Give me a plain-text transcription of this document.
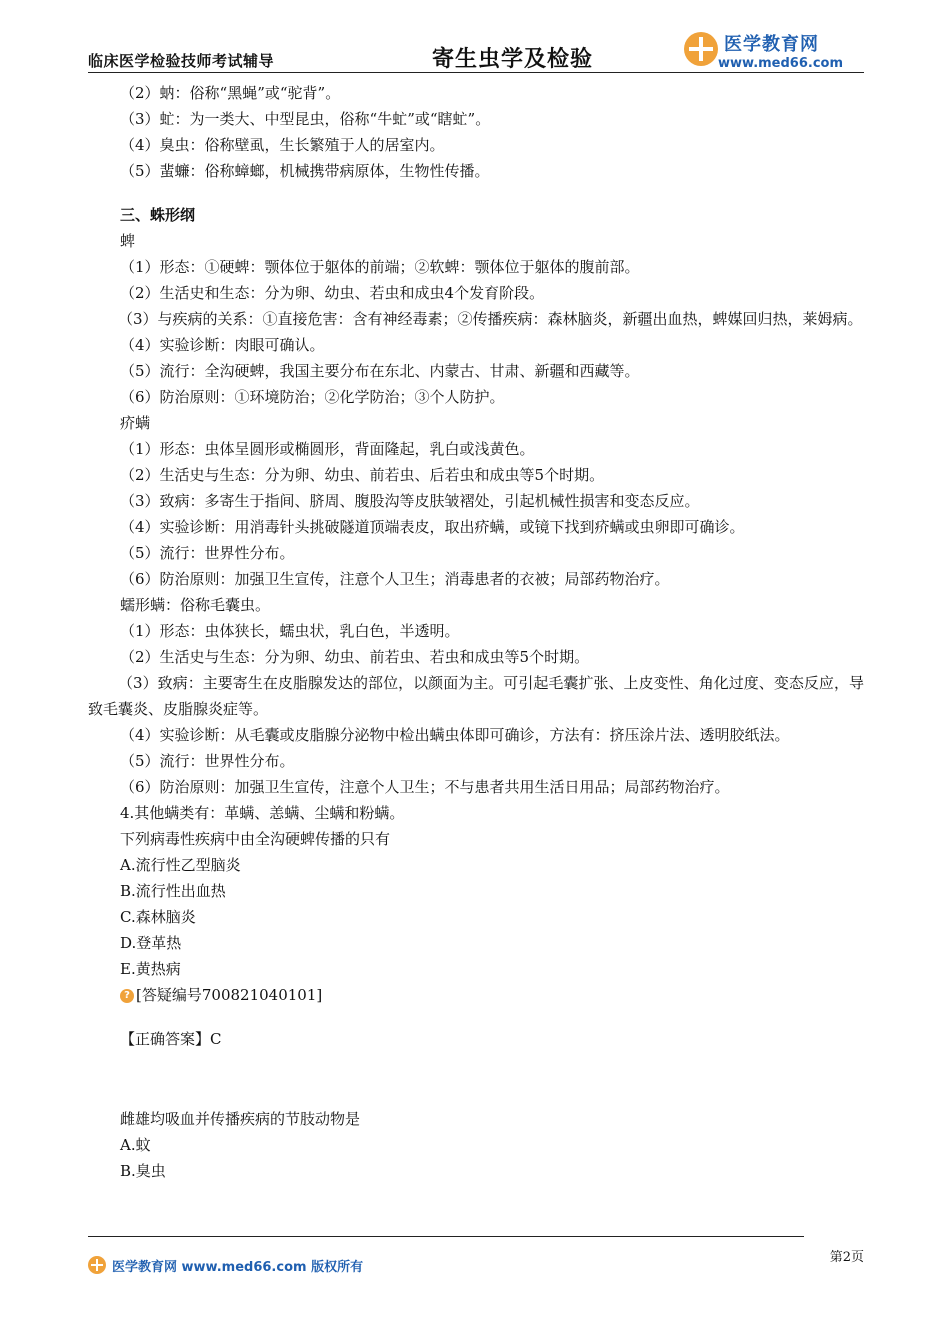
临床医学检验技师考试辅导	寄生虫学及检验
医学教育网
www.med66.com
（2）蚋：俗称“黑蝇”或“驼背”。
（3）虻：为一类大、中型昆虫，俗称“牛虻”或“瞎虻”。
（4）臭虫：俗称壁虱，生长繁殖于人的居室内。
（5）蜚蠊：俗称蟑螂，机械携带病原体，生物性传播。
三、蛛形纲
蜱
（1）形态：①硬蜱：颚体位于躯体的前端；②软蜱：颚体位于躯体的腹前部。
（2）生活史和生态：分为卵、幼虫、若虫和成虫4个发育阶段。
（3）与疾病的关系：①直接危害：含有神经毒素；②传播疾病：森林脑炎，新疆出血热，蜱媒回归热，莱姆病。
（4）实验诊断：肉眼可确认。
（5）流行：全沟硬蜱，我国主要分布在东北、内蒙古、甘肃、新疆和西藏等。
（6）防治原则：①环境防治；②化学防治；③个人防护。
疥螨
（1）形态：虫体呈圆形或椭圆形，背面隆起，乳白或浅黄色。
（2）生活史与生态：分为卵、幼虫、前若虫、后若虫和成虫等5个时期。
（3）致病：多寄生于指间、脐周、腹股沟等皮肤皱褶处，引起机械性损害和变态反应。
（4）实验诊断：用消毒针头挑破隧道顶端表皮，取出疥螨，或镜下找到疥螨或虫卵即可确诊。
（5）流行：世界性分布。
（6）防治原则：加强卫生宣传，注意个人卫生；消毒患者的衣被；局部药物治疗。
蠕形螨：俗称毛囊虫。
（1）形态：虫体狭长，蠕虫状，乳白色，半透明。
（2）生活史与生态：分为卵、幼虫、前若虫、若虫和成虫等5个时期。
（3）致病：主要寄生在皮脂腺发达的部位，以颜面为主。可引起毛囊扩张、上皮变性、角化过度、变态反应，导致毛囊炎、皮脂腺炎症等。
（4）实验诊断：从毛囊或皮脂腺分泌物中检出螨虫体即可确诊，方法有：挤压涂片法、透明胶纸法。
（5）流行：世界性分布。
（6）防治原则：加强卫生宣传，注意个人卫生；不与患者共用生活日用品；局部药物治疗。
4.其他螨类有：革螨、恙螨、尘螨和粉螨。
下列病毒性疾病中由全沟硬蜱传播的只有
A.流行性乙型脑炎
B.流行性出血热
C.森林脑炎
D.登革热
E.黄热病
? [答疑编号700821040101]
【正确答案】C
雌雄均吸血并传播疾病的节肢动物是
A.蚊
B.臭虫
医学教育网 www.med66.com 版权所有
第2页
